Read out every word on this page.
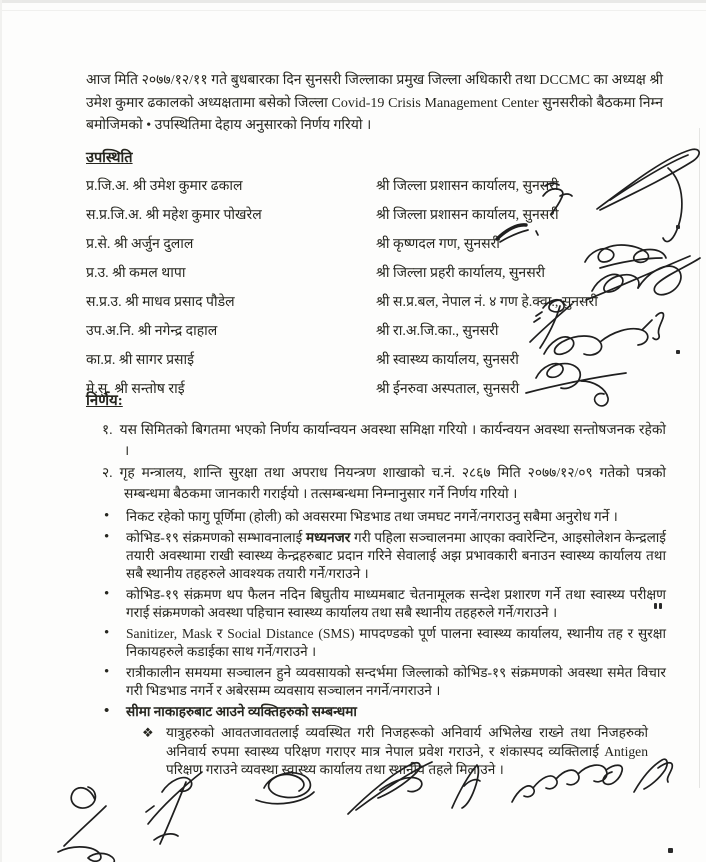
आज मिति २०७७/१२/११ गते बुधबारका दिन सुनसरी जिल्लाका प्रमुख जिल्ला अधिकारी तथा DCCMC का अध्यक्ष श्री उमेश कुमार ढकालको अध्यक्षतामा बसेको जिल्ला Covid-19 Crisis Management Center सुनसरीको बैठकमा निम्न बमोजिमको • उपस्थितिमा देहाय अनुसारको निर्णय गरियो ।

उपस्थिति
प्र.जि.अ. श्री उमेश कुमार ढकाल	श्री जिल्ला प्रशासन कार्यालय, सुनसरी
स.प्र.जि.अ. श्री महेश कुमार पोखरेल	श्री जिल्ला प्रशासन कार्यालय, सुनसरी
प्र.से. श्री अर्जुन दुलाल	श्री कृष्णदल गण, सुनसरी
प्र.उ. श्री कमल थापा	श्री जिल्ला प्रहरी कार्यालय, सुनसरी
स.प्र.उ. श्री माधव प्रसाद पौडेल	श्री स.प्र.बल, नेपाल नं. ४ गण हे.क्वा., सुनसरी
उप.अ.नि. श्री नगेन्द्र दाहाल	श्री रा.अ.जि.का., सुनसरी
का.प्र. श्री सागर प्रसाई	श्री स्वास्थ्य कार्यालय, सुनसरी
मे.सु. श्री सन्तोष राई	श्री ईनरुवा अस्पताल, सुनसरी
निर्णय:
१. यस सिमितको बिगतमा भएको निर्णय कार्यान्वयन अवस्था समिक्षा गरियो । कार्यन्वयन अवस्था सन्तोषजनक रहेको ।
२. गृह मन्त्रालय, शान्ति सुरक्षा तथा अपराध नियन्त्रण शाखाको च.नं. २८६७ मिति २०७७/१२/०९ गतेको पत्रको सम्बन्धमा बैठकमा जानकारी गराईयो । तत्सम्बन्धमा निम्नानुसार गर्ने निर्णय गरियो ।
• निकट रहेको फागु पूर्णिमा (होली) को अवसरमा भिडभाड तथा जमघट नगर्ने/नगराउनु सबैमा अनुरोध गर्ने ।
• कोभिड-१९ संक्रमणको सम्भावनालाई मध्यनजर गरी पहिला सञ्चालनमा आएका क्वारेन्टिन, आइसोलेशन केन्द्रलाई तयारी अवस्थामा राखी स्वास्थ्य केन्द्रहरुबाट प्रदान गरिने सेवालाई अझ प्रभावकारी बनाउन स्वास्थ्य कार्यालय तथा सबै स्थानीय तहहरुले आवश्यक तयारी गर्ने/गराउने ।
• कोभिड-१९ संक्रमण थप फैलन नदिन बिघुतीय माध्यमबाट चेतनामूलक सन्देश प्रशारण गर्ने तथा स्वास्थ्य परीक्षण गराई संक्रमणको अवस्था पहिचान स्वास्थ्य कार्यालय तथा सबै स्थानीय तहहरुले गर्ने/गराउने ।
• Sanitizer, Mask र Social Distance (SMS) मापदण्डको पूर्ण पालना स्वास्थ्य कार्यालय, स्थानीय तह र सुरक्षा निकायहरुले कडाईका साथ गर्ने/गराउने ।
• रात्रीकालीन समयमा सञ्चालन हुने व्यवसायको सन्दर्भमा जिल्लाको कोभिड-१९ संक्रमणको अवस्था समेत विचार गरी भिडभाड नगर्ने र अबेरसम्म व्यवसाय सञ्चालन नगर्ने/नगराउने ।
• सीमा नाकाहरुबाट आउने व्यक्तिहरुको सम्बन्धमा
❖ यात्रुहरुको आवतजावतलाई व्यवस्थित गरी निजहरूको अनिवार्य अभिलेख राख्ने तथा निजहरुको अनिवार्य रुपमा स्वास्थ्य परिक्षण गराएर मात्र नेपाल प्रवेश गराउने, र शंकास्पद व्यक्तिलाई Antigen परिक्षण गराउने व्यवस्था स्वास्थ्य कार्यालय तथा स्थानीय तहले मिलाउने ।
